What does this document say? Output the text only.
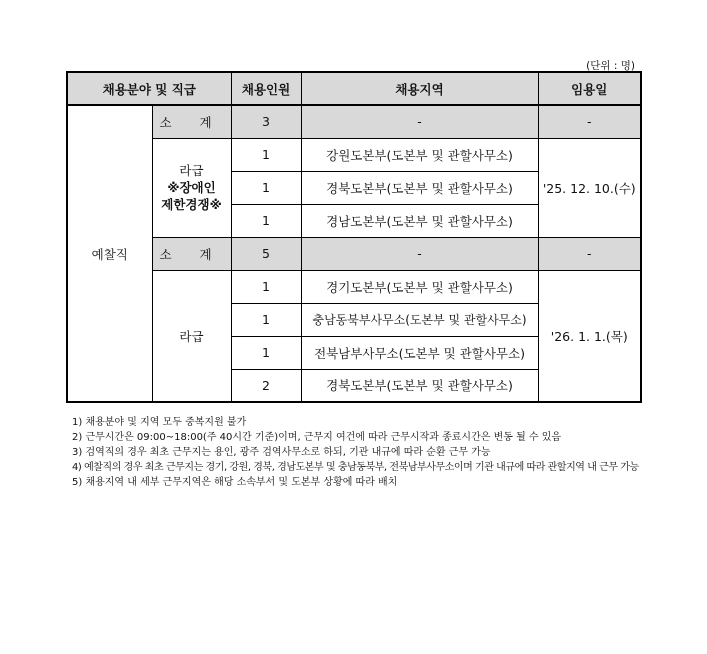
(단위 : 명)
채용분야 및 직급		채용인원	채용지역	임용일
예찰직	소 계	3	-	-

	라급
※장애인
제한경쟁※	1	강원도본부(도본부 및 관할사무소)	'25. 12. 10.(수)
		1	경북도본부(도본부 및 관할사무소)	
		1	경남도본부(도본부 및 관할사무소)	
	소 계	5	-	-
	라급	1	경기도본부(도본부 및 관할사무소)	'26. 1. 1.(목)
		1	충남동북부사무소(도본부 및 관할사무소)	
		1	전북남부사무소(도본부 및 관할사무소)	
		2	경북도본부(도본부 및 관할사무소)	
1) 채용분야 및 지역 모두 중복지원 불가
2) 근무시간은 09:00~18:00(주 40시간 기준)이며, 근무지 여건에 따라 근무시작과 종료시간은 변동 될 수 있음
3) 검역직의 경우 최초 근무지는 용인, 광주 검역사무소로 하되, 기관 내규에 따라 순환 근무 가능
4) 예찰직의 경우 최초 근무지는 경기, 강원, 경북, 경남도본부 및 충남동북부, 전북남부사무소이며 기관 내규에 따라 관할지역 내 근무 가능
5) 채용지역 내 세부 근무지역은 해당 소속부서 및 도본부 상황에 따라 배치
